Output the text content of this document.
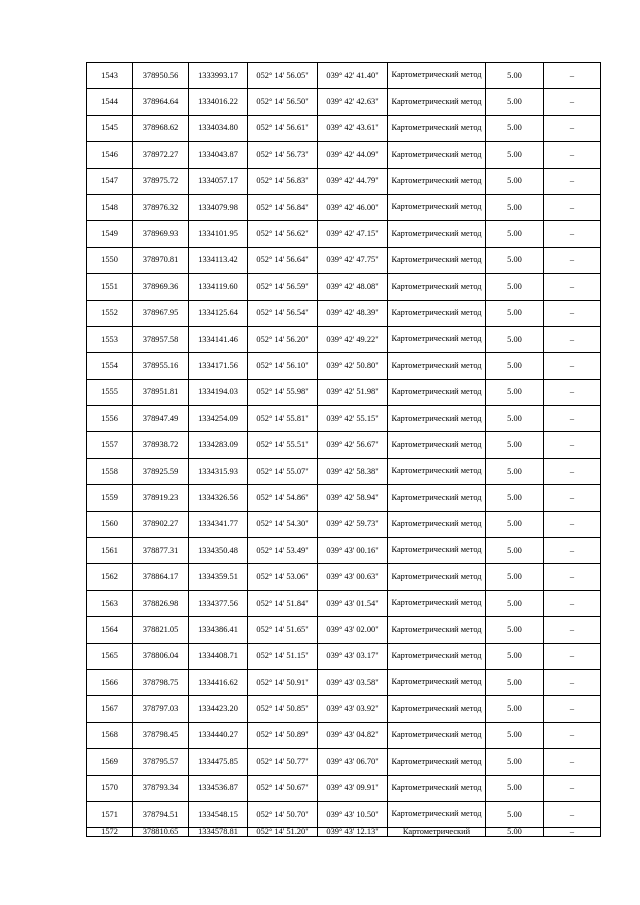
1543	378950.56	1333993.17	052° 14' 56.05"	039° 42' 41.40"	Картометрический метод	5.00	–
1544	378964.64	1334016.22	052° 14' 56.50"	039° 42' 42.63"	Картометрический метод	5.00	–
1545	378968.62	1334034.80	052° 14' 56.61"	039° 42' 43.61"	Картометрический метод	5.00	–
1546	378972.27	1334043.87	052° 14' 56.73"	039° 42' 44.09"	Картометрический метод	5.00	–
1547	378975.72	1334057.17	052° 14' 56.83"	039° 42' 44.79"	Картометрический метод	5.00	–
1548	378976.32	1334079.98	052° 14' 56.84"	039° 42' 46.00"	Картометрический метод	5.00	–
1549	378969.93	1334101.95	052° 14' 56.62"	039° 42' 47.15"	Картометрический метод	5.00	–
1550	378970.81	1334113.42	052° 14' 56.64"	039° 42' 47.75"	Картометрический метод	5.00	–
1551	378969.36	1334119.60	052° 14' 56.59"	039° 42' 48.08"	Картометрический метод	5.00	–
1552	378967.95	1334125.64	052° 14' 56.54"	039° 42' 48.39"	Картометрический метод	5.00	–
1553	378957.58	1334141.46	052° 14' 56.20"	039° 42' 49.22"	Картометрический метод	5.00	–
1554	378955.16	1334171.56	052° 14' 56.10"	039° 42' 50.80"	Картометрический метод	5.00	–
1555	378951.81	1334194.03	052° 14' 55.98"	039° 42' 51.98"	Картометрический метод	5.00	–
1556	378947.49	1334254.09	052° 14' 55.81"	039° 42' 55.15"	Картометрический метод	5.00	–
1557	378938.72	1334283.09	052° 14' 55.51"	039° 42' 56.67"	Картометрический метод	5.00	–
1558	378925.59	1334315.93	052° 14' 55.07"	039° 42' 58.38"	Картометрический метод	5.00	–
1559	378919.23	1334326.56	052° 14' 54.86"	039° 42' 58.94"	Картометрический метод	5.00	–
1560	378902.27	1334341.77	052° 14' 54.30"	039° 42' 59.73"	Картометрический метод	5.00	–
1561	378877.31	1334350.48	052° 14' 53.49"	039° 43' 00.16"	Картометрический метод	5.00	–
1562	378864.17	1334359.51	052° 14' 53.06"	039° 43' 00.63"	Картометрический метод	5.00	–
1563	378826.98	1334377.56	052° 14' 51.84"	039° 43' 01.54"	Картометрический метод	5.00	–
1564	378821.05	1334386.41	052° 14' 51.65"	039° 43' 02.00"	Картометрический метод	5.00	–
1565	378806.04	1334408.71	052° 14' 51.15"	039° 43' 03.17"	Картометрический метод	5.00	–
1566	378798.75	1334416.62	052° 14' 50.91"	039° 43' 03.58"	Картометрический метод	5.00	–
1567	378797.03	1334423.20	052° 14' 50.85"	039° 43' 03.92"	Картометрический метод	5.00	–
1568	378798.45	1334440.27	052° 14' 50.89"	039° 43' 04.82"	Картометрический метод	5.00	–
1569	378795.57	1334475.85	052° 14' 50.77"	039° 43' 06.70"	Картометрический метод	5.00	–
1570	378793.34	1334536.87	052° 14' 50.67"	039° 43' 09.91"	Картометрический метод	5.00	–
1571	378794.51	1334548.15	052° 14' 50.70"	039° 43' 10.50"	Картометрический метод	5.00	–
1572	378810.65	1334578.81	052° 14' 51.20"	039° 43' 12.13"	Картометрический	5.00	–
